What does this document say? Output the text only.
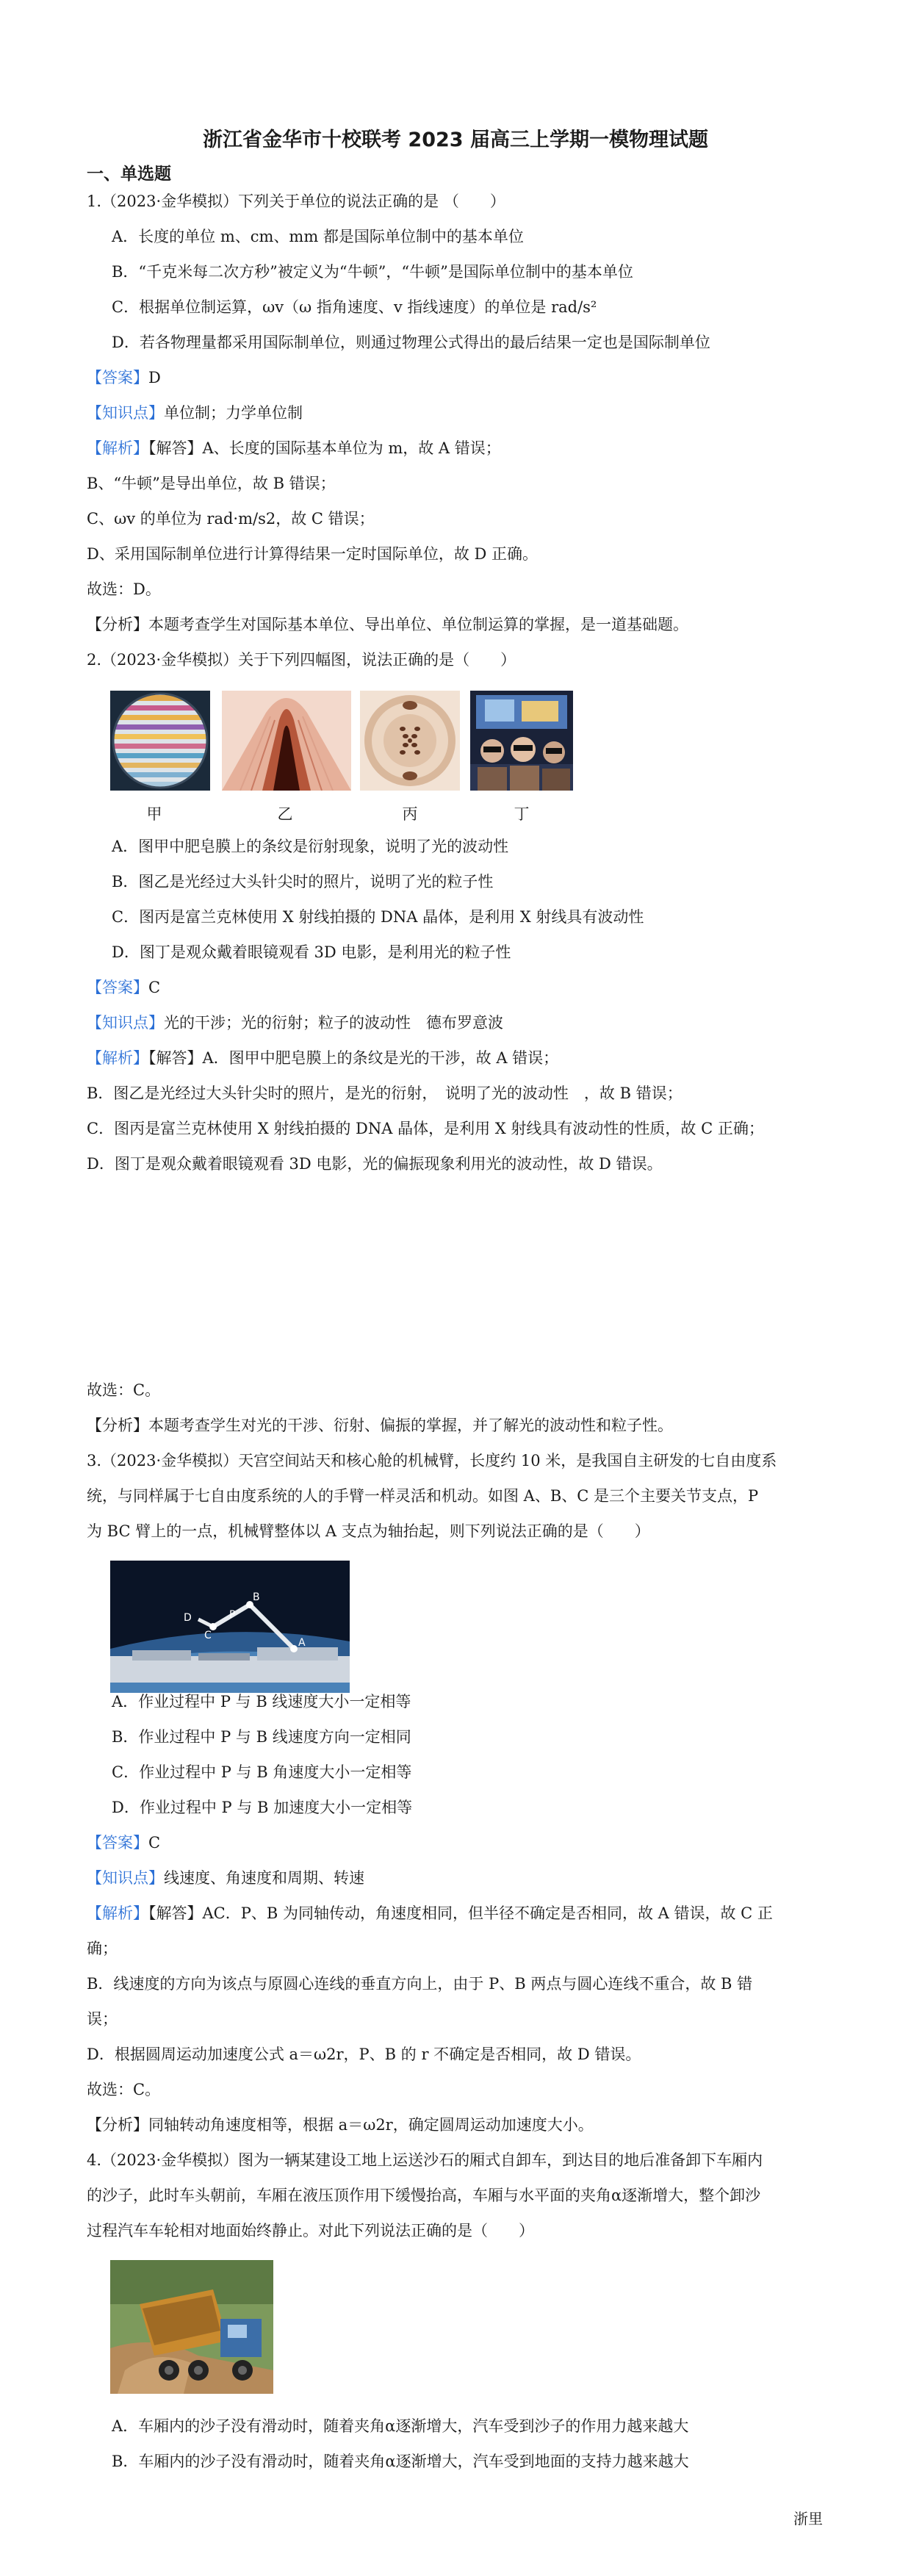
浙江省金华市十校联考 2023 届高三上学期一模物理试题
一、单选题
1.（2023·金华模拟）下列关于单位的说法正确的是 （　　）
A．长度的单位 m、cm、mm 都是国际单位制中的基本单位
B．“千克米每二次方秒”被定义为“牛顿”，“牛顿”是国际单位制中的基本单位
C．根据单位制运算，ωv（ω 指角速度、v 指线速度）的单位是 rad/s²
D．若各物理量都采用国际制单位，则通过物理公式得出的最后结果一定也是国际制单位
【答案】D
【知识点】单位制；力学单位制
【解析】【解答】A、长度的国际基本单位为 m，故 A 错误；
B、“牛顿”是导出单位，故 B 错误；
C、ωv 的单位为 rad·m/s2，故 C 错误；
D、采用国际制单位进行计算得结果一定时国际单位，故 D 正确。
故选：D。
【分析】本题考查学生对国际基本单位、导出单位、单位制运算的掌握，是一道基础题。
2.（2023·金华模拟）关于下列四幅图，说法正确的是（　　）
甲	乙	丙	丁
A．图甲中肥皂膜上的条纹是衍射现象，说明了光的波动性
B．图乙是光经过大头针尖时的照片，说明了光的粒子性
C．图丙是富兰克林使用 X 射线拍摄的 DNA 晶体，是利用 X 射线具有波动性
D．图丁是观众戴着眼镜观看 3D 电影，是利用光的粒子性
【答案】C
【知识点】光的干涉；光的衍射；粒子的波动性　德布罗意波
【解析】【解答】A．图甲中肥皂膜上的条纹是光的干涉，故 A 错误；
B．图乙是光经过大头针尖时的照片，是光的衍射，　说明了光的波动性　，故 B 错误；
C．图丙是富兰克林使用 X 射线拍摄的 DNA 晶体，是利用 X 射线具有波动性的性质，故 C 正确；
D．图丁是观众戴着眼镜观看 3D 电影，光的偏振现象利用光的波动性，故 D 错误。
故选：C。
【分析】本题考查学生对光的干涉、衍射、偏振的掌握，并了解光的波动性和粒子性。
3.（2023·金华模拟）天宫空间站天和核心舱的机械臂，长度约 10 米，是我国自主研发的七自由度系
统，与同样属于七自由度系统的人的手臂一样灵活和机动。如图 A、B、C 是三个主要关节支点，P
为 BC 臂上的一点，机械臂整体以 A 支点为轴抬起，则下列说法正确的是（　　）
D	P
C
B
A
A．作业过程中 P 与 B 线速度大小一定相等
B．作业过程中 P 与 B 线速度方向一定相同
C．作业过程中 P 与 B 角速度大小一定相等
D．作业过程中 P 与 B 加速度大小一定相等
【答案】C
【知识点】线速度、角速度和周期、转速
【解析】【解答】AC．P、B 为同轴传动，角速度相同，但半径不确定是否相同，故 A 错误，故 C 正
确；
B．线速度的方向为该点与原圆心连线的垂直方向上，由于 P、B 两点与圆心连线不重合，故 B 错
误；
D．根据圆周运动加速度公式 a＝ω2r，P、B 的 r 不确定是否相同，故 D 错误。
故选：C。
【分析】同轴转动角速度相等，根据 a＝ω2r，确定圆周运动加速度大小。
4.（2023·金华模拟）图为一辆某建设工地上运送沙石的厢式自卸车，到达目的地后准备卸下车厢内
的沙子，此时车头朝前，车厢在液压顶作用下缓慢抬高，车厢与水平面的夹角α逐渐增大，整个卸沙
过程汽车车轮相对地面始终静止。对此下列说法正确的是（　　）
A．车厢内的沙子没有滑动时，随着夹角α逐渐增大，汽车受到沙子的作用力越来越大
B．车厢内的沙子没有滑动时，随着夹角α逐渐增大，汽车受到地面的支持力越来越大
浙里
